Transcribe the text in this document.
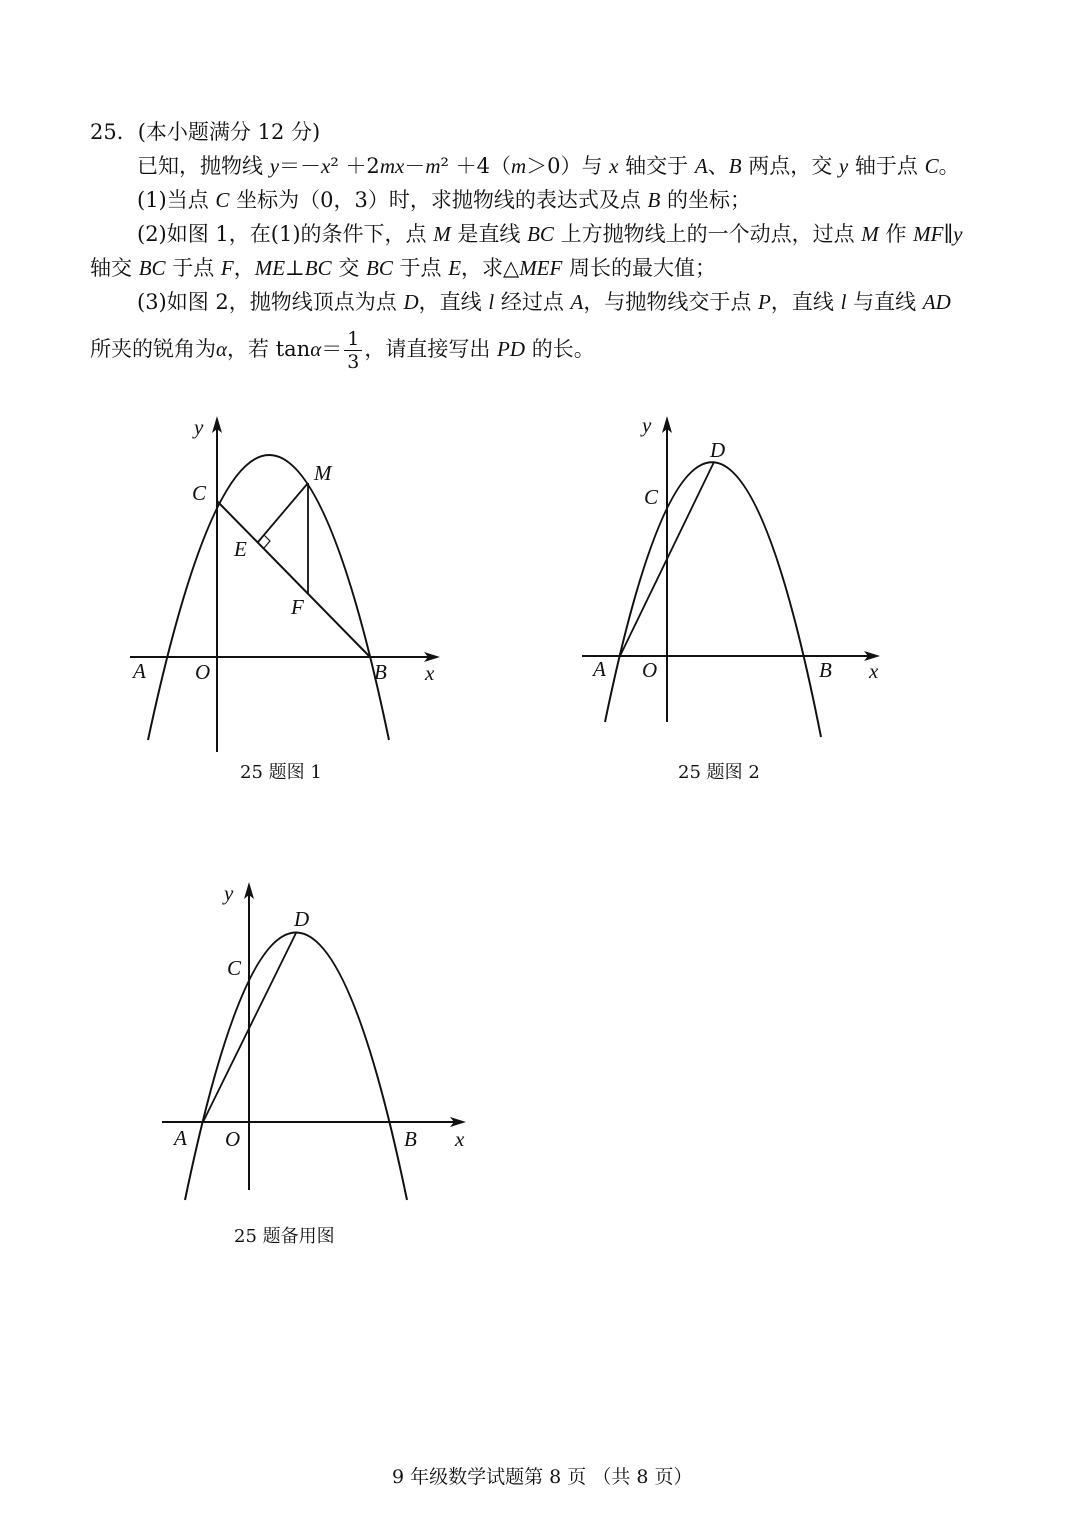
25．(本小题满分 12 分)
已知，抛物线 y＝－x² ＋2mx－m² ＋4（m＞0）与 x 轴交于 A、B 两点，交 y 轴于点 C。
(1)当点 C 坐标为（0，3）时，求抛物线的表达式及点 B 的坐标；
(2)如图 1，在(1)的条件下，点 M 是直线 BC 上方抛物线上的一个动点，过点 M 作 MF∥y
轴交 BC 于点 F，ME⊥BC 交 BC 于点 E，求△MEF 周长的最大值；
(3)如图 2，抛物线顶点为点 D，直线 l 经过点 A，与抛物线交于点 P，直线 l 与直线 AD
所夹的锐角为α，若 $\tan\alpha= \frac{1}{3}$ ，请直接写出 PD 的长。
y
x
C
M
E
F
A O	B
25 题图 1
y
x
C
D
A O	B
25 题图 2
y
x
C
D
A O	B
25 题备用图
9 年级数学试题第 8 页 （共 8 页）
